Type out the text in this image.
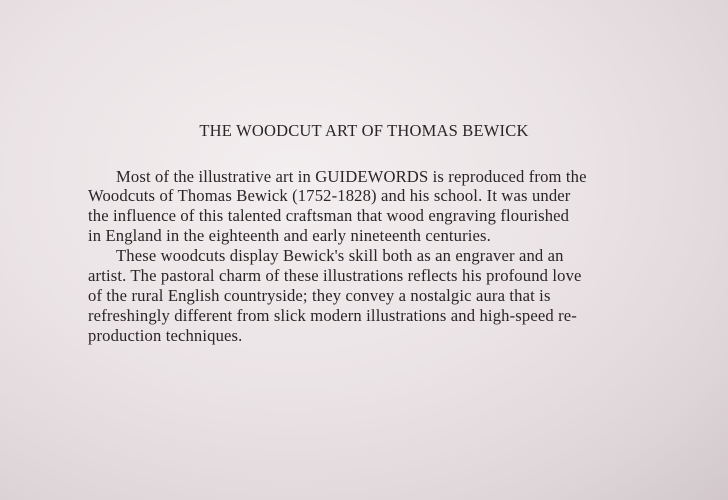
THE WOODCUT ART OF THOMAS BEWICK
Most of the illustrative art in GUIDEWORDS is reproduced from the
Woodcuts of Thomas Bewick (1752-1828) and his school. It was under
the influence of this talented craftsman that wood engraving flourished
in England in the eighteenth and early nineteenth centuries.
These woodcuts display Bewick's skill both as an engraver and an
artist. The pastoral charm of these illustrations reflects his profound love
of the rural English countryside; they convey a nostalgic aura that is
refreshingly different from slick modern illustrations and high-speed re-
production techniques.
